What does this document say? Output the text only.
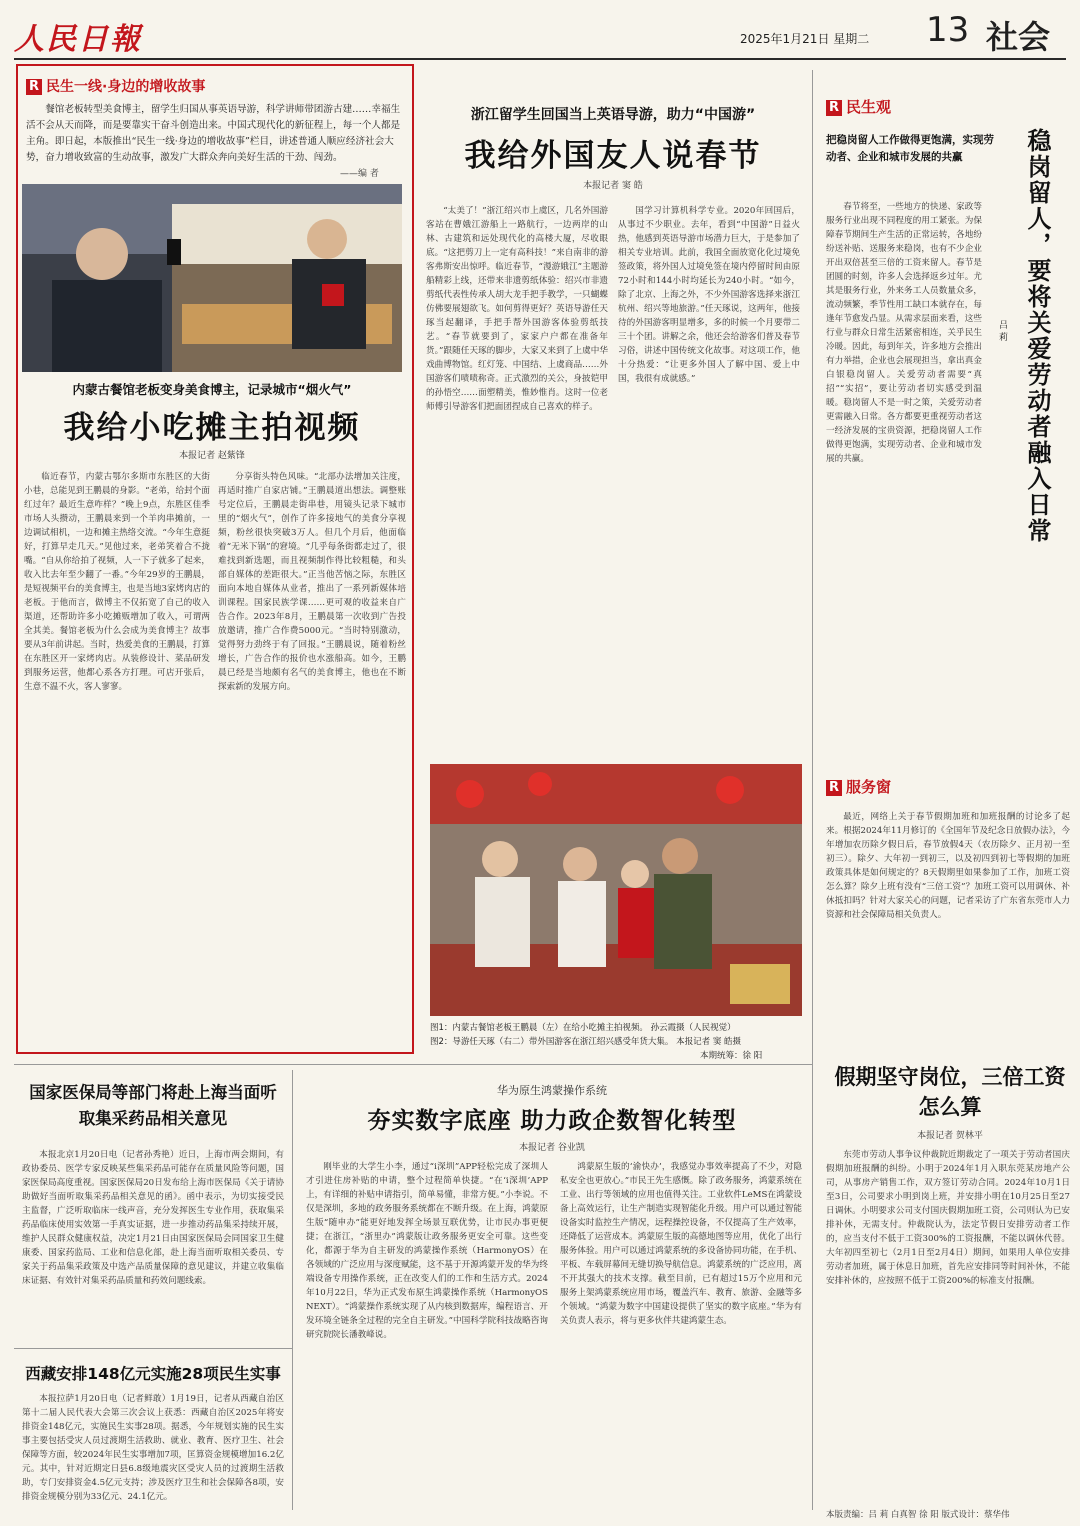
人民日報	2025年1月21日 星期二 13 社会
R 民生一线·身边的增收故事
餐馆老板转型美食博主，留学生归国从事英语导游，科学讲师带团游古建……幸福生活不会从天而降，而是要靠实干奋斗创造出来。中国式现代化的新征程上，每一个人都是主角。即日起，本版推出“民生一线·身边的增收故事”栏目，讲述普通人顺应经济社会大势，奋力增收致富的生动故事，激发广大群众奔向美好生活的干劲、闯劲。
——编 者
内蒙古餐馆老板变身美食博主，记录城市“烟火气”
我给小吃摊主拍视频
本报记者 赵紫锋
临近春节，内蒙古鄂尔多斯市东胜区的大街小巷，总能见到王鹏晨的身影。“老弟，给封个面红过年？最近生意咋样？”晚上9点，东胜区佳季市场人头攒动，王鹏晨来到一个羊肉串摊前，一边调试相机，一边和摊主热络交流。“今年生意挺好，打算早走几天。”见他过来，老弟笑着合不拢嘴。“自从你给拍了视频，人一下子就多了起来，收入比去年至少翻了一番。”今年29岁的王鹏晨，是短视频平台的美食博主，也是当地3家烤肉店的老板。于他而言，做博主不仅拓宽了自己的收入渠道，还帮助许多小吃摊贩增加了收入，可谓两全其美。餐馆老板为什么会成为美食博主？故事要从3年前讲起。当时，热爱美食的王鹏晨，打算在东胜区开一家烤肉店。从装修设计、菜品研发到服务运营，他都心系各方打理。可店开张后，生意不温不火，客人寥寥。
分享街头特色风味。“北部办法增加关注度，再适时推广自家店铺。”王鹏晨道出想法。调整账号定位后，王鹏晨走街串巷，用镜头记录下城市里的“烟火气”，创作了许多接地气的美食分享视频，粉丝很快突破3万人。但几个月后，他面临着“无米下锅”的窘境。“几乎每条街都走过了，很难找到新选题，而且视频制作得比较粗糙，和头部自媒体的差距很大。”正当他苦恼之际，东胜区面向本地自媒体从业者，推出了一系列新媒体培训课程。国家民族学课……更可观的收益来自广告合作。2023年8月，王鹏晨第一次收到广告投放邀请，推广合作费5000元。“当时特别激动，觉得努力劲终于有了回报。”王鹏晨说，随着粉丝增长，广告合作的报价也水涨船高。如今，王鹏晨已经是当地颇有名气的美食博主，他也在不断探索新的发展方向。
浙江留学生回国当上英语导游，助力“中国游”
我给外国友人说春节
本报记者 窦 皓
“太美了！”浙江绍兴市上虞区，几名外国游客站在曹娥江游船上一路航行，一边两岸的山林、古建筑和远处现代化的高楼大厦，尽收眼底。“这把剪刀上一定有高科技！”来自南非的游客弗斯安出惊呼。临近春节，“漫游娥江”主题游船精彩上线，还带来非遗剪纸体验：绍兴市非遗剪纸代表性传承人胡大龙手把手教学，一只蝴蝶仿佛要展翅欲飞。如何剪得更好？英语导游任天琢当起翻译，手把手帮外国游客体验剪纸技艺。“春节就要到了，家家户户都在准备年货。”跟随任天琢的脚步，大家又来到了上虞中华戏曲博物馆。红灯笼、中国结、上虞商品……外国游客们啧啧称奇。正式激烈的关公，身披铠甲的孙悟空……面塑精美，惟妙惟肖。这时一位老师傅引导游客们把面团捏成自己喜欢的样子。
国学习计算机科学专业。2020年回国后，从事过不少职业。去年，看到“中国游”日益火热，他感到英语导游市场潜力巨大，于是参加了相关专业培训。此前，我国全面放宽化化过境免签政策，将外国人过境免签在境内停留时间由原72小时和144小时均延长为240小时。“如今，除了北京、上海之外，不少外国游客选择来浙江杭州、绍兴等地旅游。”任天琢说，这两年，他接待的外国游客明显增多，多的时候一个月要带二三十个团。讲解之余，他还会给游客们普及春节习俗，讲述中国传统文化故事。对这项工作，他十分热爱：“让更多外国人了解中国、爱上中国，我很有成就感。”
图1：内蒙古餐馆老板王鹏晨（左）在给小吃摊主拍视频。 孙云霞摄（人民视觉）
图2：导游任天琢（右二）带外国游客在浙江绍兴感受年货大集。 本报记者 窦 皓摄
本期统筹：徐 阳
R 民生观
把稳岗留人工作做得更饱满，实现劳动者、企业和城市发展的共赢	稳岗留人，要将关爱劳动者融入日常
吕 莉
春节将至，一些地方的快递、家政等服务行业出现不同程度的用工紧张。为保障春节期间生产生活的正常运转，各地纷纷送补贴、送服务来稳岗，也有不少企业开出双倍甚至三倍的工资来留人。春节是团圆的时刻，许多人会选择返乡过年。尤其是服务行业，外来务工人员数量众多，流动频繁，季节性用工缺口本就存在，每逢年节愈发凸显。从需求层面来看，这些行业与群众日常生活紧密相连，关乎民生冷暖。因此，每到年关，许多地方会推出有力举措，企业也会展现担当，拿出真金白银稳岗留人。关爱劳动者需要“真招”“实招”，要让劳动者切实感受到温暖。稳岗留人不是一时之策，关爱劳动者更需融入日常。各方都要更重视劳动者这一经济发展的宝贵资源，把稳岗留人工作做得更饱满，实现劳动者、企业和城市发展的共赢。
R 服务窗
最近，网络上关于春节假期加班和加班报酬的讨论多了起来。根据2024年11月修订的《全国年节及纪念日放假办法》，今年增加农历除夕假日后，春节放假4天（农历除夕、正月初一至初三）。除夕、大年初一到初三，以及初四到初七等假期的加班政策具体是如何规定的？8天假期里如果参加了工作，加班工资怎么算？除夕上班有没有“三倍工资”？加班工资可以用调休、补休抵扣吗？针对大家关心的问题，记者采访了广东省东莞市人力资源和社会保障局相关负责人。
假期坚守岗位，三倍工资怎么算
本报记者 贺林平
东莞市劳动人事争议仲裁院近期裁定了一项关于劳动者国庆假期加班报酬的纠纷。小明于2024年1月入职东莞某房地产公司，从事房产销售工作，双方签订劳动合同。2024年10月1日至3日，公司要求小明到岗上班，并安排小明在10月25日至27日调休。小明要求公司支付国庆假期加班工资，公司则认为已安排补休，无需支付。仲裁院认为，法定节假日安排劳动者工作的，应当支付不低于工资300%的工资报酬，不能以调休代替。大年初四至初七（2月1日至2月4日）期间，如果用人单位安排劳动者加班，属于休息日加班，首先应安排同等时间补休，不能安排补休的，应按照不低于工资200%的标准支付报酬。
国家医保局等部门将赴上海当面听取集采药品相关意见
本报北京1月20日电（记者孙秀艳）近日，上海市两会期间，有政协委员、医学专家反映某些集采药品可能存在质量风险等问题，国家医保局高度重视。国家医保局20日发布给上海市医保局《关于请协助做好当面听取集采药品相关意见的函》。函中表示，为切实接受民主监督，广泛听取临床一线声音，充分发挥医生专业作用，获取集采药品临床使用实效第一手真实证据，进一步推动药品集采持续开展，维护人民群众健康权益，决定1月21日由国家医保局会同国家卫生健康委、国家药监局、工业和信息化部，赴上海当面听取相关委员、专家关于药品集采政策及中选产品质量保障的意见建议，并建立收集临床证据、有效针对集采药品质量和药效问题线索。
西藏安排148亿元实施28项民生实事
本报拉萨1月20日电（记者鲜敢）1月19日，记者从西藏自治区第十二届人民代表大会第三次会议上获悉：西藏自治区2025年将安排资金148亿元，实施民生实事28项。据悉，今年规划实施的民生实事主要包括受灾人员过渡期生活救助、就业、教育、医疗卫生、社会保障等方面，较2024年民生实事增加7项，匡算资金规模增加16.2亿元。其中，针对近期定日县6.8级地震灾区受灾人员的过渡期生活救助，专门安排资金4.5亿元支持；涉及医疗卫生和社会保障各8项，安排资金规模分别为33亿元、24.1亿元。
华为原生鸿蒙操作系统
夯实数字底座 助力政企数智化转型
本报记者 谷业凯
刚毕业的大学生小李，通过“i深圳”APP轻松完成了深圳人才引进住房补贴的申请，整个过程简单快捷。“在‘i深圳’APP上，有详细的补贴申请指引，简单易懂，非常方便。”小李说。不仅是深圳，多地的政务服务系统都在不断升级。在上海，鸿蒙原生版“随申办”能更好地发挥全场景互联优势，让市民办事更便捷；在浙江，“浙里办”鸿蒙版让政务服务更安全可靠。这些变化，都源于华为自主研发的鸿蒙操作系统（HarmonyOS）在各领域的广泛应用与深度赋能，这不基于开源鸿蒙开发的华为终端设备专用操作系统，正在改变人们的工作和生活方式。2024年10月22日，华为正式发布原生鸿蒙操作系统（HarmonyOS NEXT）。“鸿蒙操作系统实现了从内核到数据库，编程语言、开发环境全链条全过程的完全自主研发。”中国科学院科技战略咨询研究院院长潘教峰说。
鸿蒙原生版的‘渝快办’，我感觉办事效率提高了不少，对隐私安全也更放心。”市民王先生感慨。除了政务服务，鸿蒙系统在工业、出行等领域的应用也值得关注。工业软件LeMS在鸿蒙设备上高效运行，让生产制造实现智能化升级。用户可以通过智能设备实时监控生产情况，远程操控设备，不仅提高了生产效率，还降低了运营成本。鸿蒙原生版的高德地图等应用，优化了出行服务体验。用户可以通过鸿蒙系统的多设备协同功能，在手机、平板、车载屏幕间无缝切换导航信息。鸿蒙系统的广泛应用，离不开其强大的技术支撑。截至目前，已有超过15万个应用和元服务上架鸿蒙系统应用市场，覆盖汽车、教育、旅游、金融等多个领域。“鸿蒙为数字中国建设提供了坚实的数字底座。”华为有关负责人表示，将与更多伙伴共建鸿蒙生态。
本版责编：吕 莉 白真智 徐 阳 版式设计：蔡华伟
